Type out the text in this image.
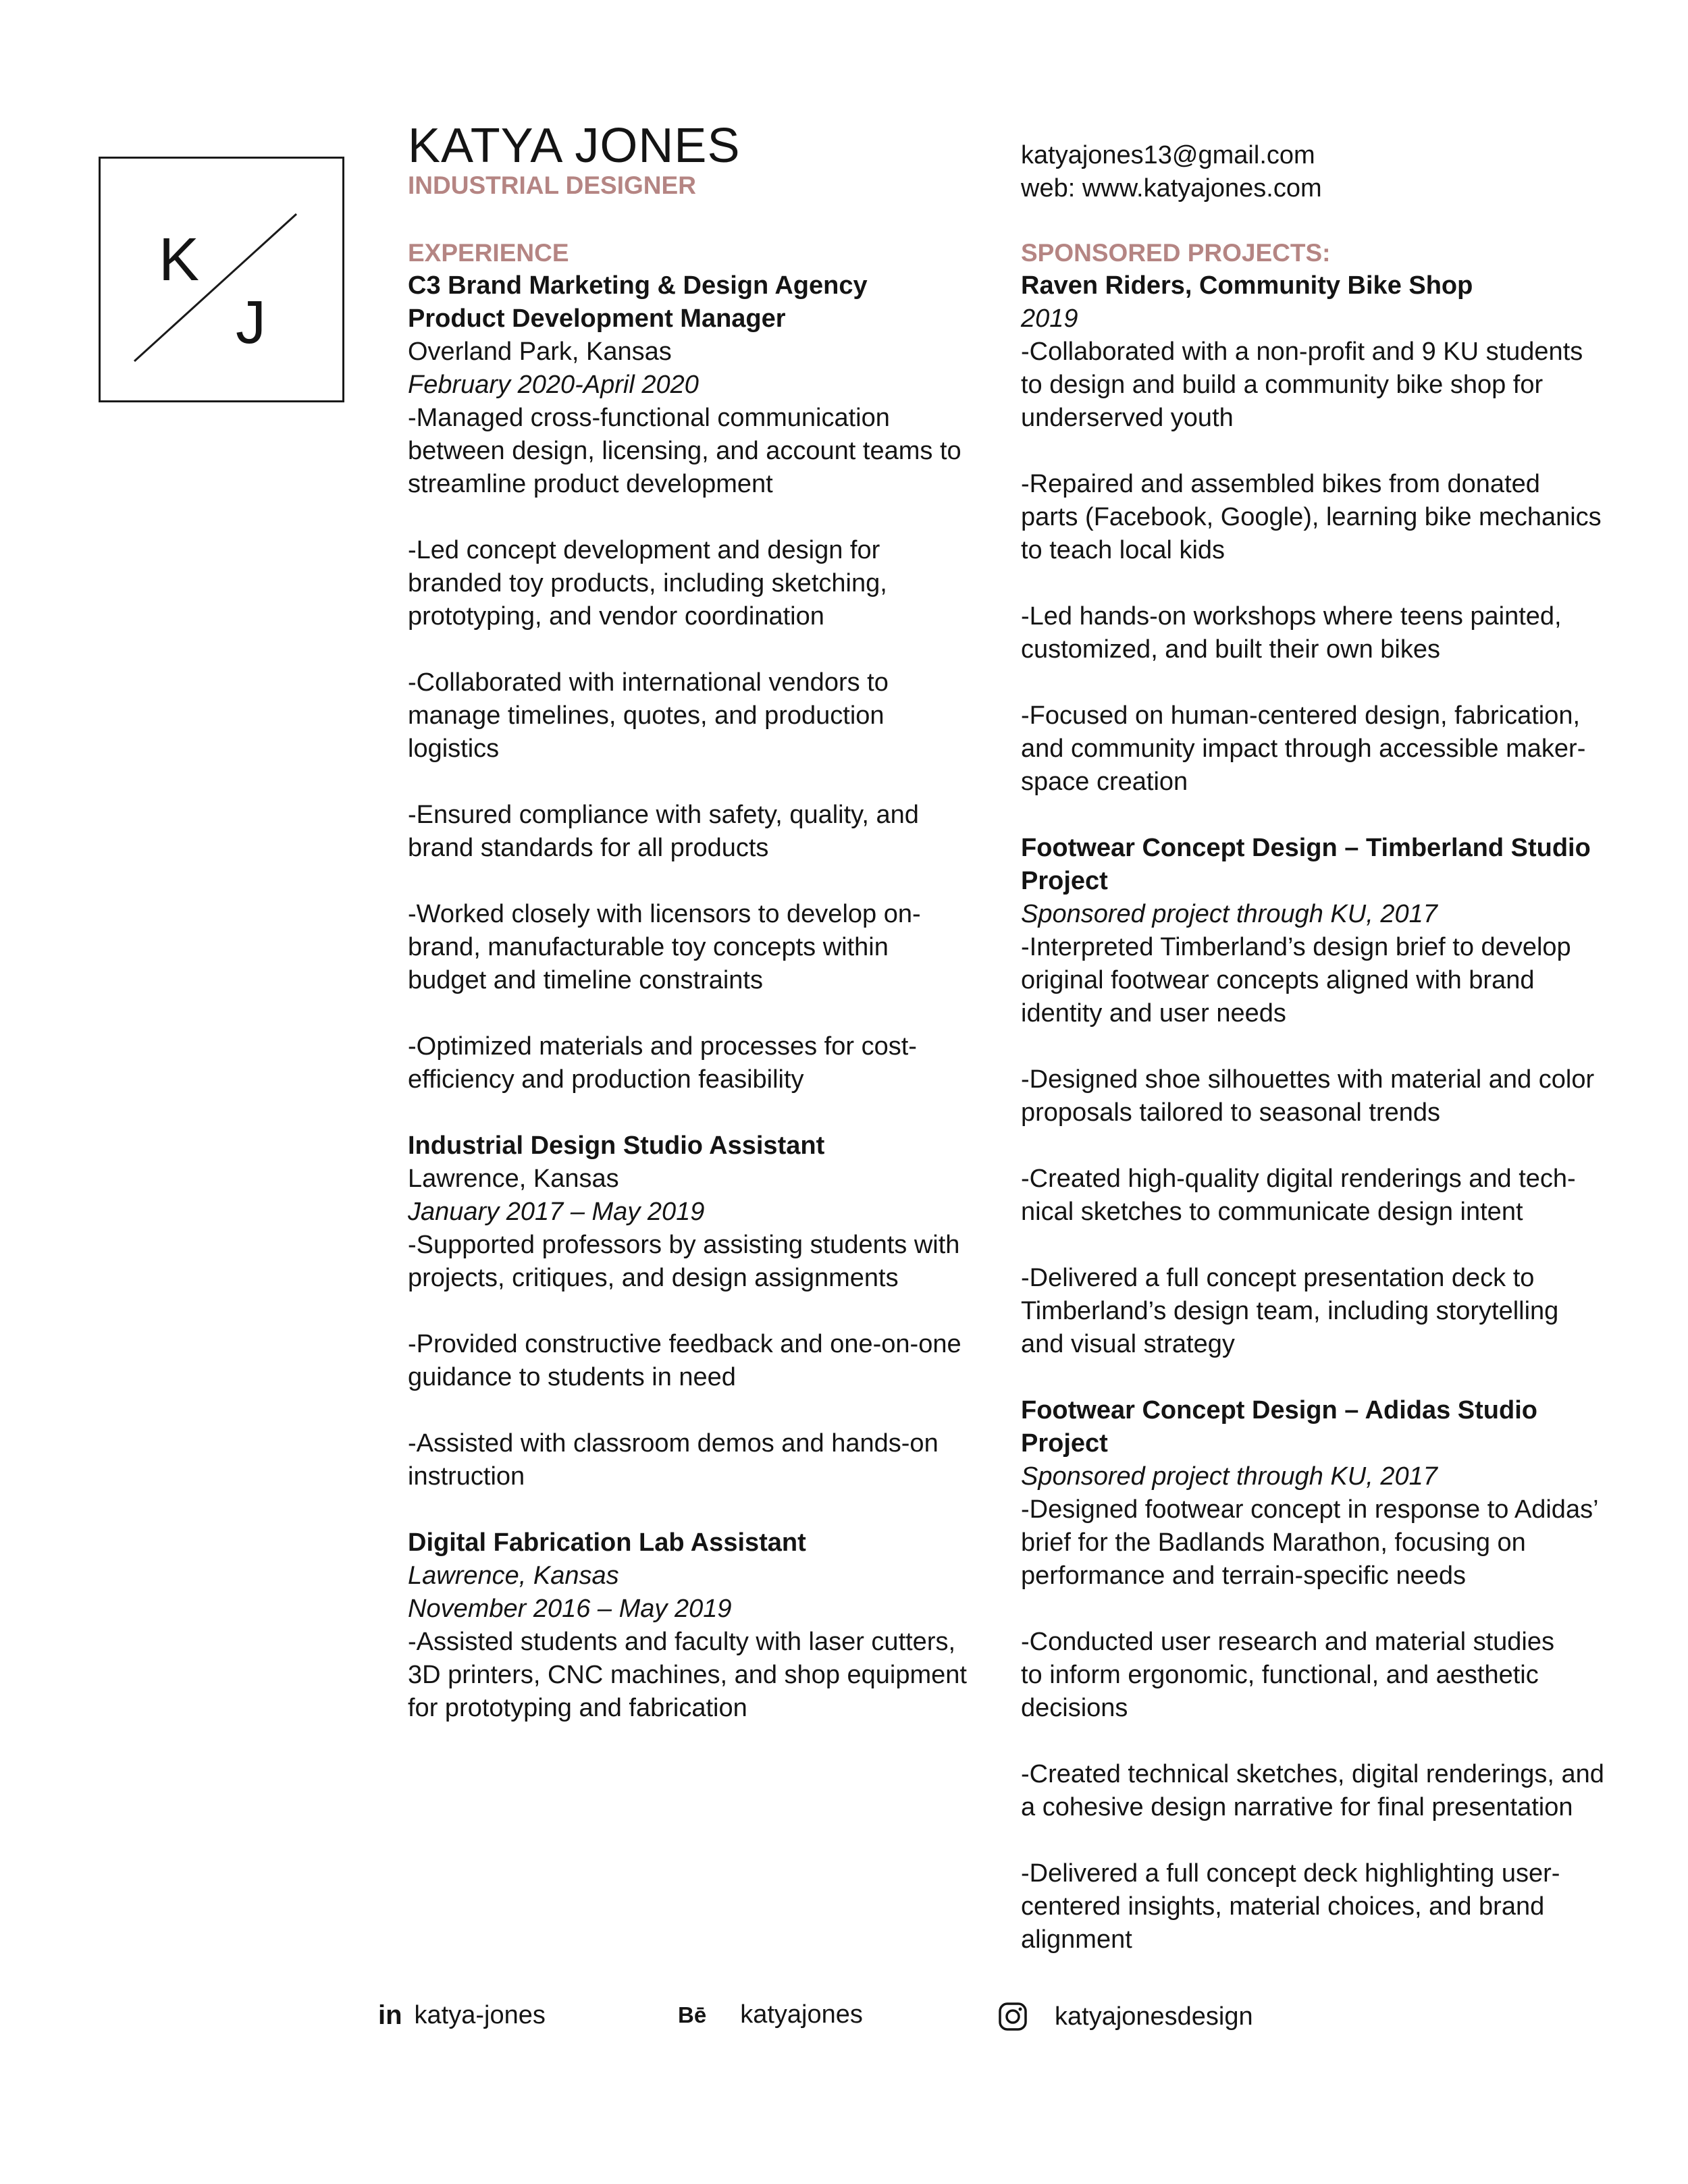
K
J
KATYA JONES
INDUSTRIAL DESIGNER
katyajones13@gmail.com
web: www.katyajones.com
EXPERIENCE
C3 Brand Marketing & Design Agency
Product Development Manager
Overland Park, Kansas
February 2020-April 2020
-Managed cross-functional communication
between design, licensing, and account teams to
streamline product development
-Led concept development and design for
branded toy products, including sketching,
prototyping, and vendor coordination
-Collaborated with international vendors to
manage timelines, quotes, and production
logistics
-Ensured compliance with safety, quality, and
brand standards for all products
-Worked closely with licensors to develop on-
brand, manufacturable toy concepts within
budget and timeline constraints
-Optimized materials and processes for cost-
efficiency and production feasibility
Industrial Design Studio Assistant
Lawrence, Kansas
January 2017 – May 2019
-Supported professors by assisting students with
projects, critiques, and design assignments
-Provided constructive feedback and one-on-one
guidance to students in need
-Assisted with classroom demos and hands-on
instruction
Digital Fabrication Lab Assistant
Lawrence, Kansas
November 2016 – May 2019
-Assisted students and faculty with laser cutters,
3D printers, CNC machines, and shop equipment
for prototyping and fabrication
SPONSORED PROJECTS:
Raven Riders, Community Bike Shop
2019
-Collaborated with a non-profit and 9 KU students
to design and build a community bike shop for
underserved youth
-Repaired and assembled bikes from donated
parts (Facebook, Google), learning bike mechanics
to teach local kids
-Led hands-on workshops where teens painted,
customized, and built their own bikes
-Focused on human-centered design, fabrication,
and community impact through accessible maker-
space creation
Footwear Concept Design – Timberland Studio
Project
Sponsored project through KU, 2017
-Interpreted Timberland’s design brief to develop
original footwear concepts aligned with brand
identity and user needs
-Designed shoe silhouettes with material and color
proposals tailored to seasonal trends
-Created high-quality digital renderings and tech-
nical sketches to communicate design intent
-Delivered a full concept presentation deck to
Timberland’s design team, including storytelling
and visual strategy
Footwear Concept Design – Adidas Studio
Project
Sponsored project through KU, 2017
-Designed footwear concept in response to Adidas’
brief for the Badlands Marathon, focusing on
performance and terrain-specific needs
-Conducted user research and material studies
to inform ergonomic, functional, and aesthetic
decisions
-Created technical sketches, digital renderings, and
a cohesive design narrative for final presentation
-Delivered a full concept deck highlighting user-
centered insights, material choices, and brand
alignment
in katya-jones	Bē katyajones	katyajonesdesign
